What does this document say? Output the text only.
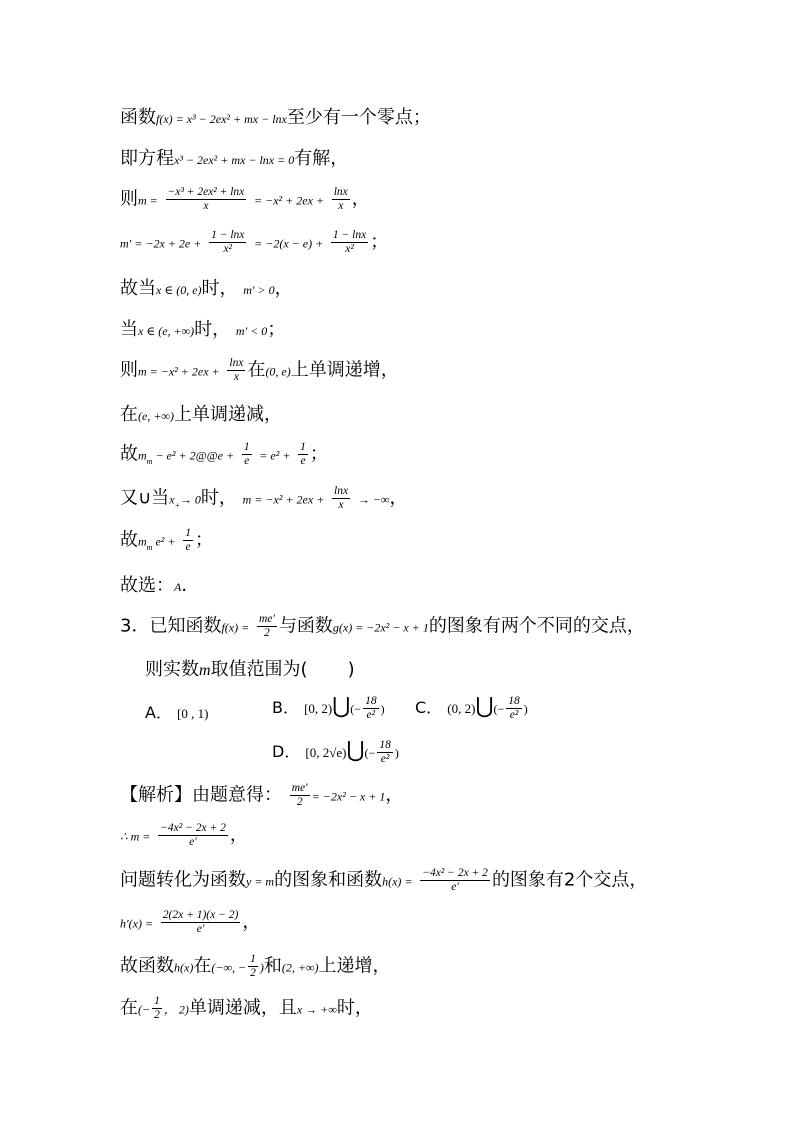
函数f(x) = x³ − 2ex² + mx − lnx至少有一个零点；
即方程x³ − 2ex² + mx − lnx = 0有解，
则$m = \frac{\text{−x³ + 2ex² + lnx}}{x} = -x^2 + 2ex + \frac{\ln x}{x}$ ，
$m' = -2x + 2e + \frac{1 - \ln x}{\text{x²}} = -2(x - e) + \frac{1 - \ln x}{\text{x²}}$ ；
故当x ∈ (0, e)时， m′ > 0，
当x ∈ (e, +∞)时， m′ < 0；
则$m = -x^2 + 2ex + \frac{\ln x}{x}$ 在(0, e)上单调递增，
在(e, +∞)上单调递减，
故$m_m - e^2$ + 2@@e + $\frac{1}{e} = e^2 + \frac{1}{e}$ ；
又∪当$x_+\to 0$时， $m = -x^2 + 2ex + \frac{\ln x}{x}$ → −∞，
故$m_m$ $e^2 + \frac{1}{e}$ ；
故选：A．
3．已知函数$f(x) = \frac{me'}{2}$ 与函数g(x) = −2x² − x + 1的图象有两个不同的交点，
则实数m取值范围为( )
A． [0 , 1)	B． [0, 2)⋃(− $\frac{18}{\text{e²}}$ ) C． (0, 2)⋃(− $\frac{18}{\text{e²}}$ )
D． [0, 2√e)⋃(− $\frac{18}{\text{e²}}$ )
【解析】由题意得： $\frac{me'}{2} = -2x^2 - x + 1$，
∴ $m = \frac{\text{−4x² − 2x + 2}}{e'}$ ，
问题转化为函数y = m的图象和函数$h(x) = \frac{\text{−4x² − 2x + 2}}{e'}$ 的图象有2个交点，
$h'(x) = \frac{2(2x + 1)(x - 2)}{e'}$ ，
故函数h(x)在(−∞, − $\frac{1}{2}$ )和(2, +∞)上递增，
在(− $\frac{1}{2}$ ， 2)单调递减，且x → +∞时，
